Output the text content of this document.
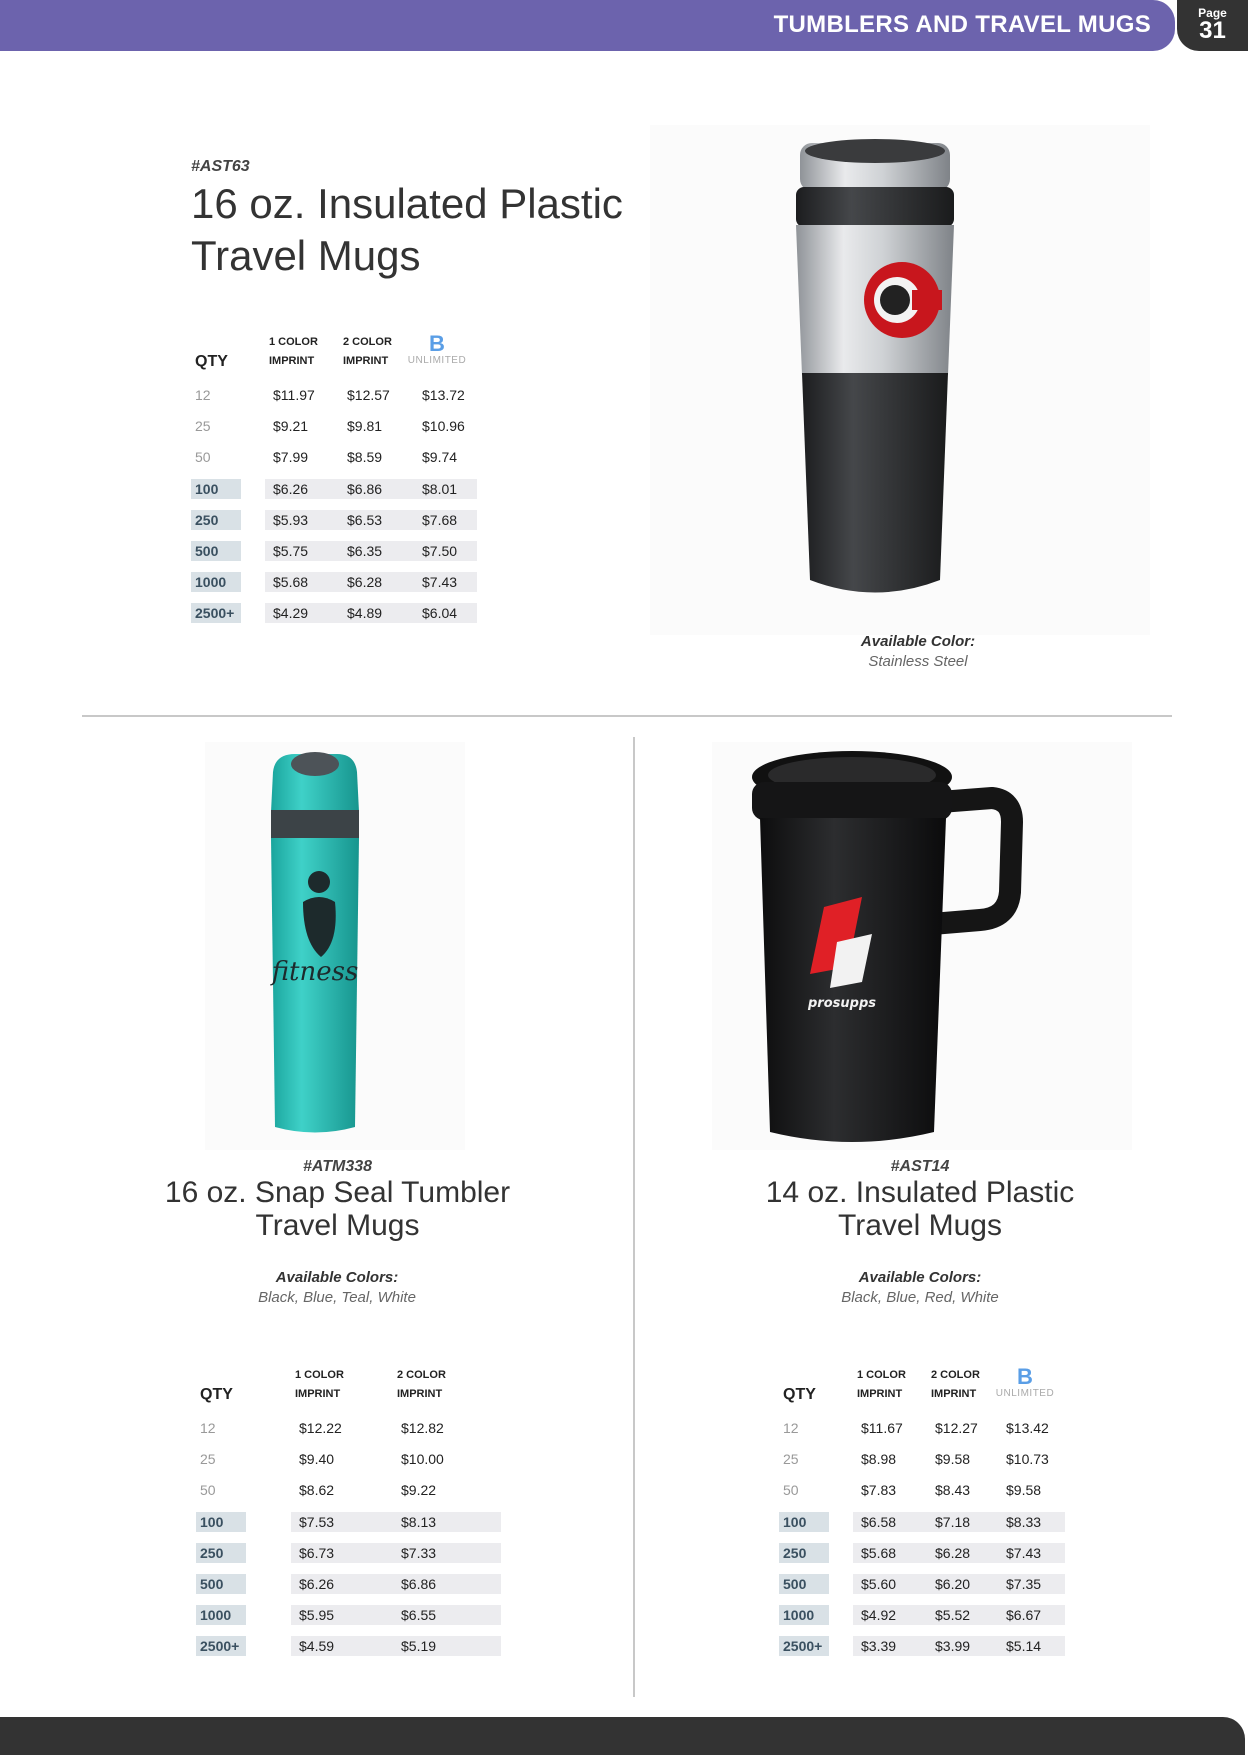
TUMBLERS AND TRAVEL MUGS	Page
31
#AST63
16 oz. Insulated Plastic
Travel Mugs
Available Color:
Stainless Steel
QTY
1 COLOR
IMPRINT
2 COLOR
IMPRINT
B
UNLIMITED
12	$11.97 $12.57 $13.72
25	$9.21	$9.81	$10.96
50	$7.99	$8.59	$9.74
100	$6.26	$6.86	$8.01
250	$5.93	$6.53	$7.68
500	$5.75	$6.35	$7.50
1000	$5.68	$6.28	$7.43
2500+	$4.29	$4.89	$6.04
fitness
#ATM338
16 oz. Snap Seal Tumbler
Travel Mugs
Available Colors:
Black, Blue, Teal, White
QTY
1 COLOR
IMPRINT
2 COLOR
IMPRINT
12	$12.22	$12.82
25	$9.40	$10.00
50	$8.62	$9.22
100	$7.53	$8.13
250	$6.73	$7.33
500	$6.26	$6.86
1000	$5.95	$6.55
2500+	$4.59	$5.19
prosupps
#AST14
14 oz. Insulated Plastic
Travel Mugs
Available Colors:
Black, Blue, Red, White
QTY
1 COLOR
IMPRINT
2 COLOR
IMPRINT
B
UNLIMITED
12	$11.67 $12.27 $13.42
25	$8.98	$9.58	$10.73
50	$7.83	$8.43	$9.58
100	$6.58	$7.18	$8.33
250	$5.68	$6.28	$7.43
500	$5.60	$6.20	$7.35
1000	$4.92	$5.52	$6.67
2500+	$3.39	$3.99	$5.14
